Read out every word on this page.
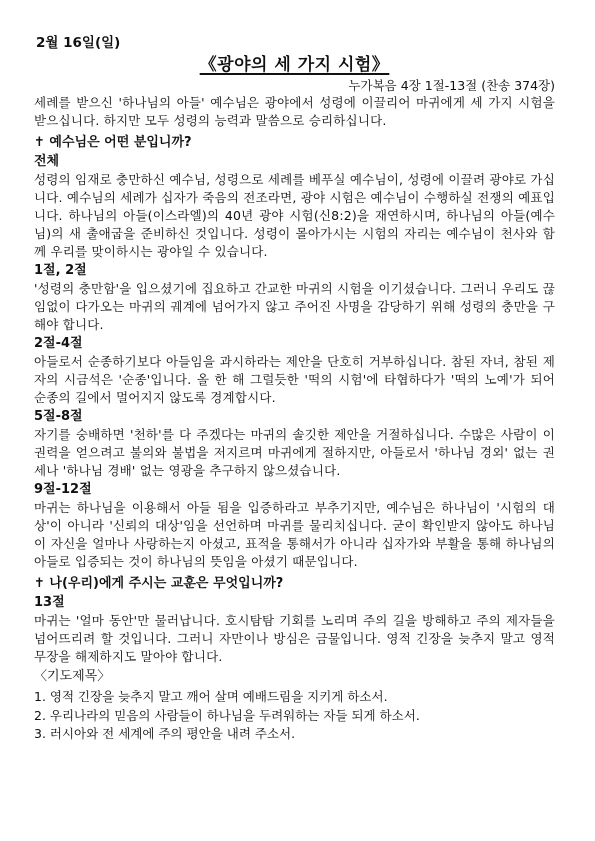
2월 16일(일)
《광야의 세 가지 시험》
누가복음 4장 1절-13절 (찬송 374장)

세례를 받으신 '하나님의 아들' 예수님은 광야에서 성령에 이끌리어 마귀에게 세 가지 시험을 받으십니다. 하지만 모두 성령의 능력과 말씀으로 승리하십니다.

✝ 예수님은 어떤 분입니까?
전체

성령의 임재로 충만하신 예수님, 성령으로 세례를 베푸실 예수님이, 성령에 이끌려 광야로 가십니다. 예수님의 세례가 십자가 죽음의 전조라면, 광야 시험은 예수님이 수행하실 전쟁의 예표입니다. 하나님의 아들(이스라엘)의 40년 광야 시험(신8:2)을 재연하시며, 하나님의 아들(예수님)의 새 출애굽을 준비하신 것입니다. 성령이 몰아가시는 시험의 자리는 예수님이 천사와 함께 우리를 맞이하시는 광야일 수 있습니다.

1절, 2절

'성령의 충만함'을 입으셨기에 집요하고 간교한 마귀의 시험을 이기셨습니다. 그러니 우리도 끊임없이 다가오는 마귀의 궤계에 넘어가지 않고 주어진 사명을 감당하기 위해 성령의 충만을 구해야 합니다.

2절-4절

아들로서 순종하기보다 아들임을 과시하라는 제안을 단호히 거부하십니다. 참된 자녀, 참된 제자의 시금석은 '순종'입니다. 올 한 해 그럴듯한 '떡의 시험'에 타협하다가 '떡의 노예'가 되어 순종의 길에서 멀어지지 않도록 경계합시다.

5절-8절

자기를 숭배하면 '천하'를 다 주겠다는 마귀의 솔깃한 제안을 거절하십니다. 수많은 사람이 이 권력을 얻으려고 불의와 불법을 저지르며 마귀에게 절하지만, 아들로서 '하나님 경외' 없는 권세나 '하나님 경배' 없는 영광을 추구하지 않으셨습니다.

9절-12절

마귀는 하나님을 이용해서 아들 됨을 입증하라고 부추기지만, 예수님은 하나님이 '시험의 대상'이 아니라 '신뢰의 대상'임을 선언하며 마귀를 물리치십니다. 굳이 확인받지 않아도 하나님이 자신을 얼마나 사랑하는지 아셨고, 표적을 통해서가 아니라 십자가와 부활을 통해 하나님의 아들로 입증되는 것이 하나님의 뜻임을 아셨기 때문입니다.

✝ 나(우리)에게 주시는 교훈은 무엇입니까?
13절

마귀는 '얼마 동안'만 물러납니다. 호시탐탐 기회를 노리며 주의 길을 방해하고 주의 제자들을 넘어뜨리려 할 것입니다. 그러니 자만이나 방심은 금물입니다. 영적 긴장을 늦추지 말고 영적 무장을 해제하지도 말아야 합니다.

〈기도제목〉
1. 영적 긴장을 늦추지 말고 깨어 살며 예배드림을 지키게 하소서.
2. 우리나라의 믿음의 사람들이 하나님을 두려워하는 자들 되게 하소서.
3. 러시아와 전 세계에 주의 평안을 내려 주소서.
